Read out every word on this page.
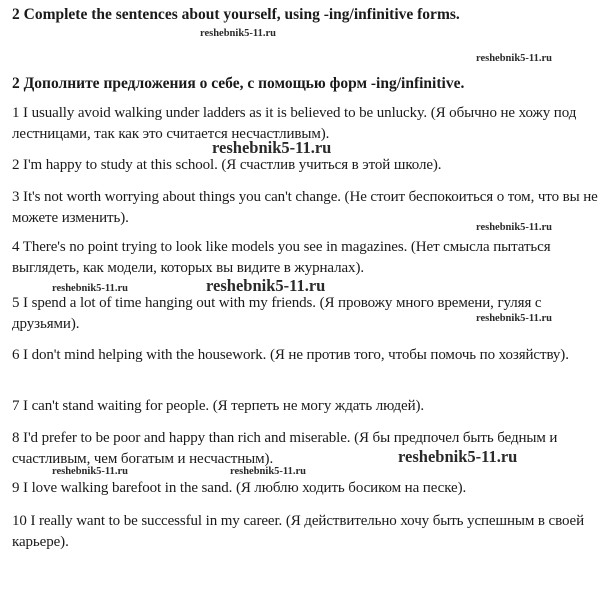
2 Complete the sentences about yourself, using -ing/infinitive forms.
2 Дополните предложения о себе, с помощью форм -ing/infinitive.
1 I usually avoid walking under ladders as it is believed to be unlucky. (Я обычно не хожу под лестницами, так как это считается несчастливым).
2 I'm happy to study at this school. (Я счастлив учиться в этой школе).
3 It's not worth worrying about things you can't change. (Не стоит беспокоиться о том, что вы не можете изменить).
4 There's no point trying to look like models you see in magazines. (Нет смысла пытаться выглядеть, как модели, которых вы видите в журналах).
5 I spend a lot of time hanging out with my friends. (Я провожу много времени, гуляя с друзьями).
6 I don't mind helping with the housework. (Я не против того, чтобы помочь по хозяйству).
7 I can't stand waiting for people. (Я терпеть не могу ждать людей).
8 I'd prefer to be poor and happy than rich and miserable. (Я бы предпочел быть бедным и счастливым, чем богатым и несчастным).
9 I love walking barefoot in the sand. (Я люблю ходить босиком на песке).
10 I really want to be successful in my career. (Я действительно хочу быть успешным в своей карьере).
reshebnik5-11.ru
reshebnik5-11.ru
reshebnik5-11.ru
reshebnik5-11.ru
reshebnik5-11.ru	reshebnik5-11.ru
reshebnik5-11.ru
reshebnik5-11.ru
reshebnik5-11.ru	reshebnik5-11.ru
